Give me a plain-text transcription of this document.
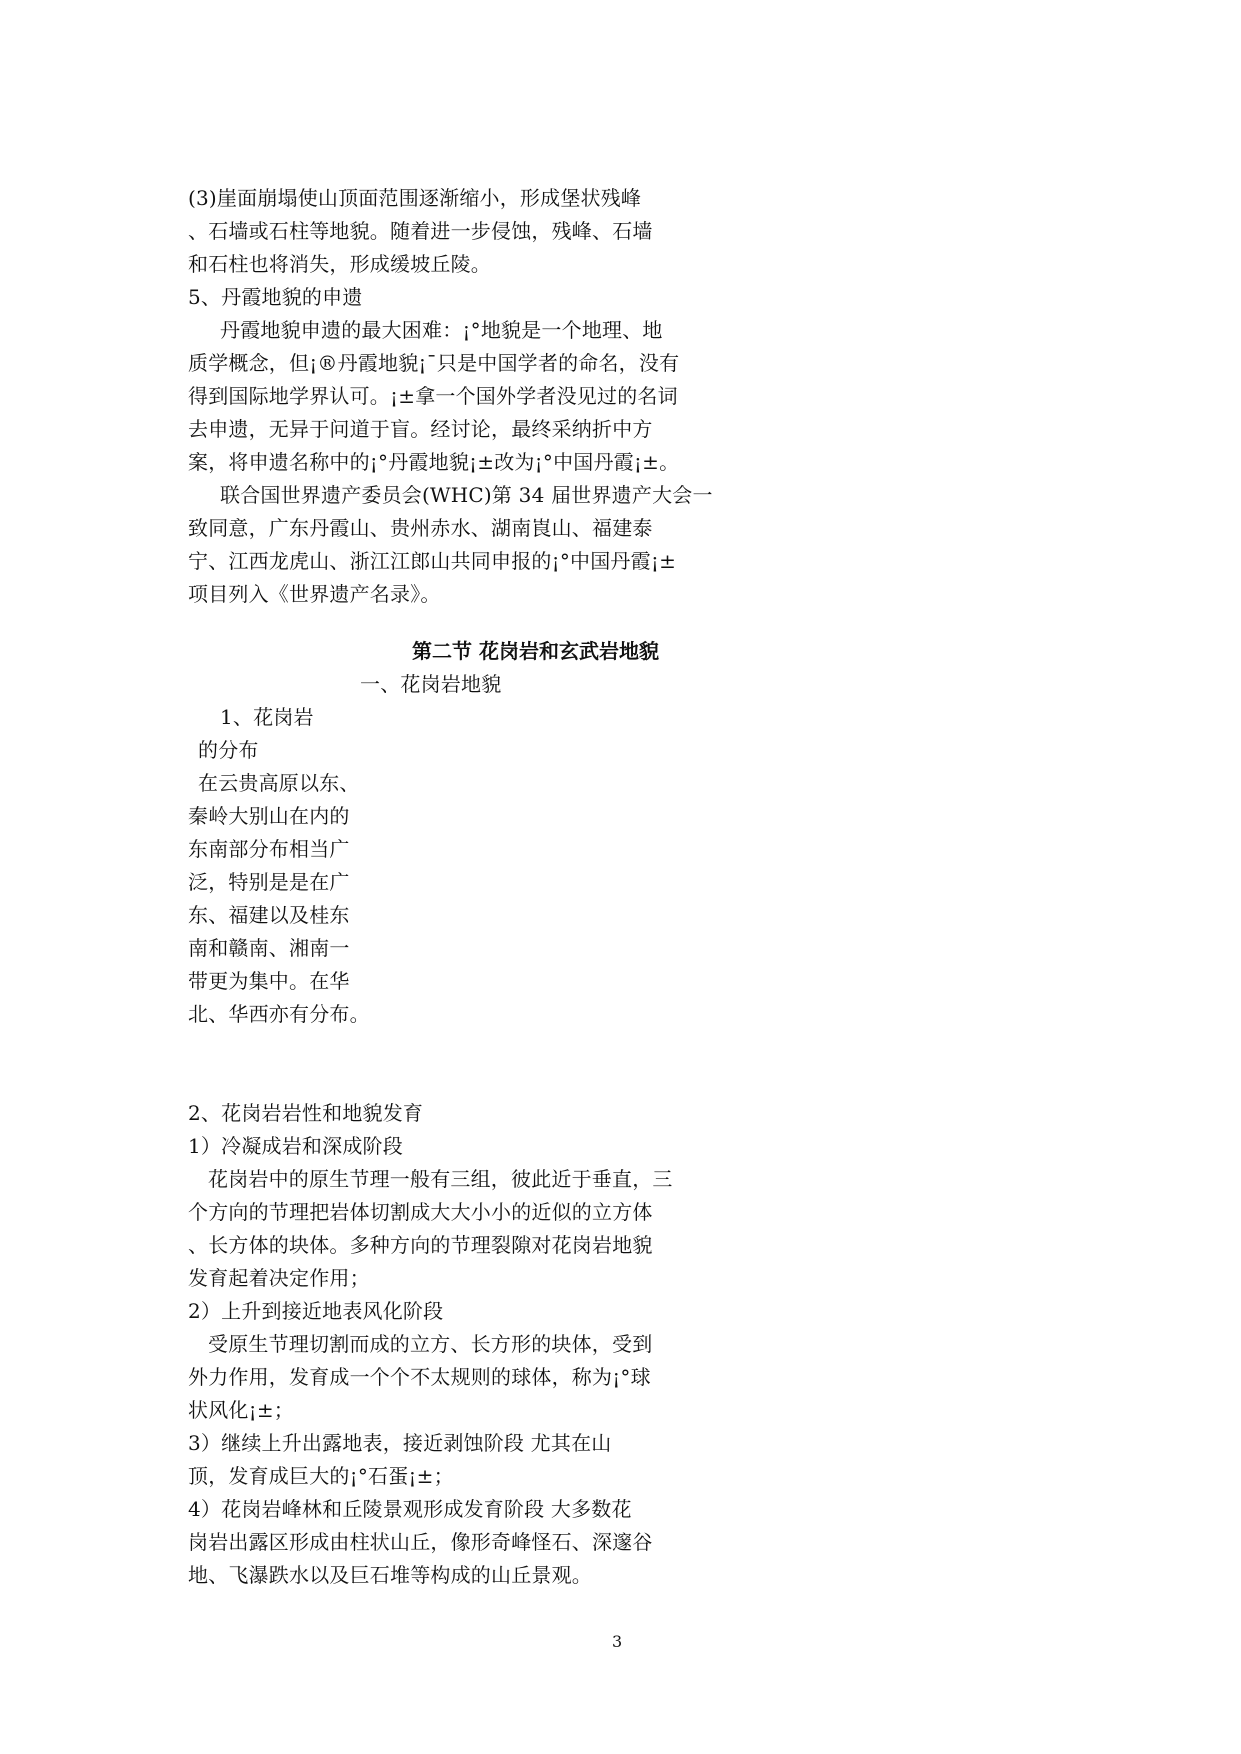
(3)崖面崩塌使山顶面范围逐渐缩小，形成堡状残峰
、石墙或石柱等地貌。随着进一步侵蚀，残峰、石墙
和石柱也将消失，形成缓坡丘陵。
5、丹霞地貌的申遗
丹霞地貌申遗的最大困难：¡°地貌是一个地理、地
质学概念，但¡®丹霞地貌¡¯只是中国学者的命名，没有
得到国际地学界认可。¡±拿一个国外学者没见过的名词
去申遗，无异于问道于盲。经讨论，最终采纳折中方
案，将申遗名称中的¡°丹霞地貌¡±改为¡°中国丹霞¡±。
联合国世界遗产委员会(WHC)第 34 届世界遗产大会一
致同意，广东丹霞山、贵州赤水、湖南崀山、福建泰
宁、江西龙虎山、浙江江郎山共同申报的¡°中国丹霞¡±
项目列入《世界遗产名录》。
第二节 花岗岩和玄武岩地貌
一、花岗岩地貌
1、花岗岩
的分布
在云贵高原以东、
秦岭大别山在内的
东南部分布相当广
泛，特别是是在广
东、福建以及桂东
南和赣南、湘南一
带更为集中。在华
北、华西亦有分布。
2、花岗岩岩性和地貌发育
1）冷凝成岩和深成阶段
花岗岩中的原生节理一般有三组，彼此近于垂直，三
个方向的节理把岩体切割成大大小小的近似的立方体
、长方体的块体。多种方向的节理裂隙对花岗岩地貌
发育起着决定作用；
2）上升到接近地表风化阶段
受原生节理切割而成的立方、长方形的块体，受到
外力作用，发育成一个个不太规则的球体，称为¡°球
状风化¡±；
3）继续上升出露地表，接近剥蚀阶段 尤其在山
顶，发育成巨大的¡°石蛋¡±；
4）花岗岩峰林和丘陵景观形成发育阶段 大多数花
岗岩出露区形成由柱状山丘，像形奇峰怪石、深邃谷
地、飞瀑跌水以及巨石堆等构成的山丘景观。
3
